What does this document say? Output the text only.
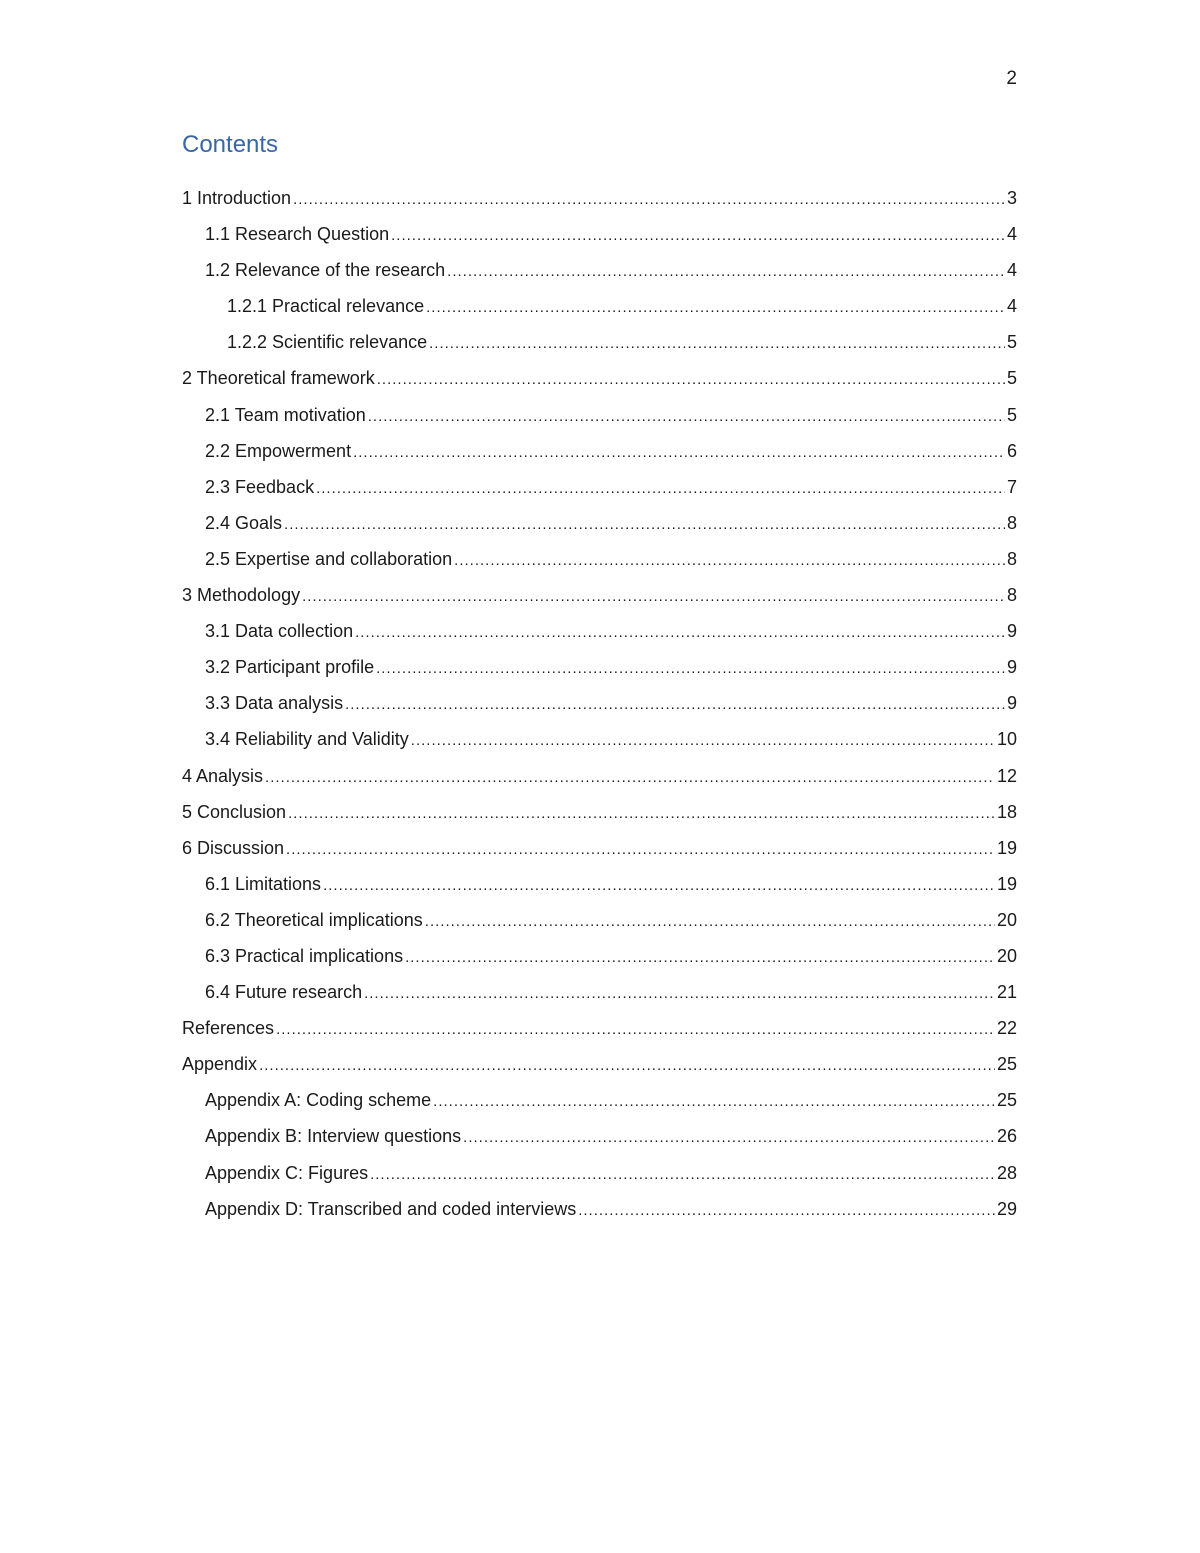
2
Contents
1 Introduction .....	3
1.1 Research Question .....	4
1.2 Relevance of the research .....	4
1.2.1 Practical relevance .....	4
1.2.2 Scientific relevance .....	5
2 Theoretical framework .....	5
2.1 Team motivation .....	5
2.2 Empowerment .....	6
2.3 Feedback .....	7
2.4 Goals .....	8
2.5 Expertise and collaboration .....	8
3 Methodology .....	8
3.1 Data collection .....	9
3.2 Participant profile .....	9
3.3 Data analysis .....	9
3.4 Reliability and Validity .....	10
4 Analysis .....	12
5 Conclusion .....	18
6 Discussion .....	19
6.1 Limitations .....	19
6.2 Theoretical implications .....	20
6.3 Practical implications .....	20
6.4 Future research .....	21
References .....	22
Appendix .....	25
Appendix A: Coding scheme .....	25
Appendix B: Interview questions .....	26
Appendix C: Figures .....	28
Appendix D: Transcribed and coded interviews .....	29
